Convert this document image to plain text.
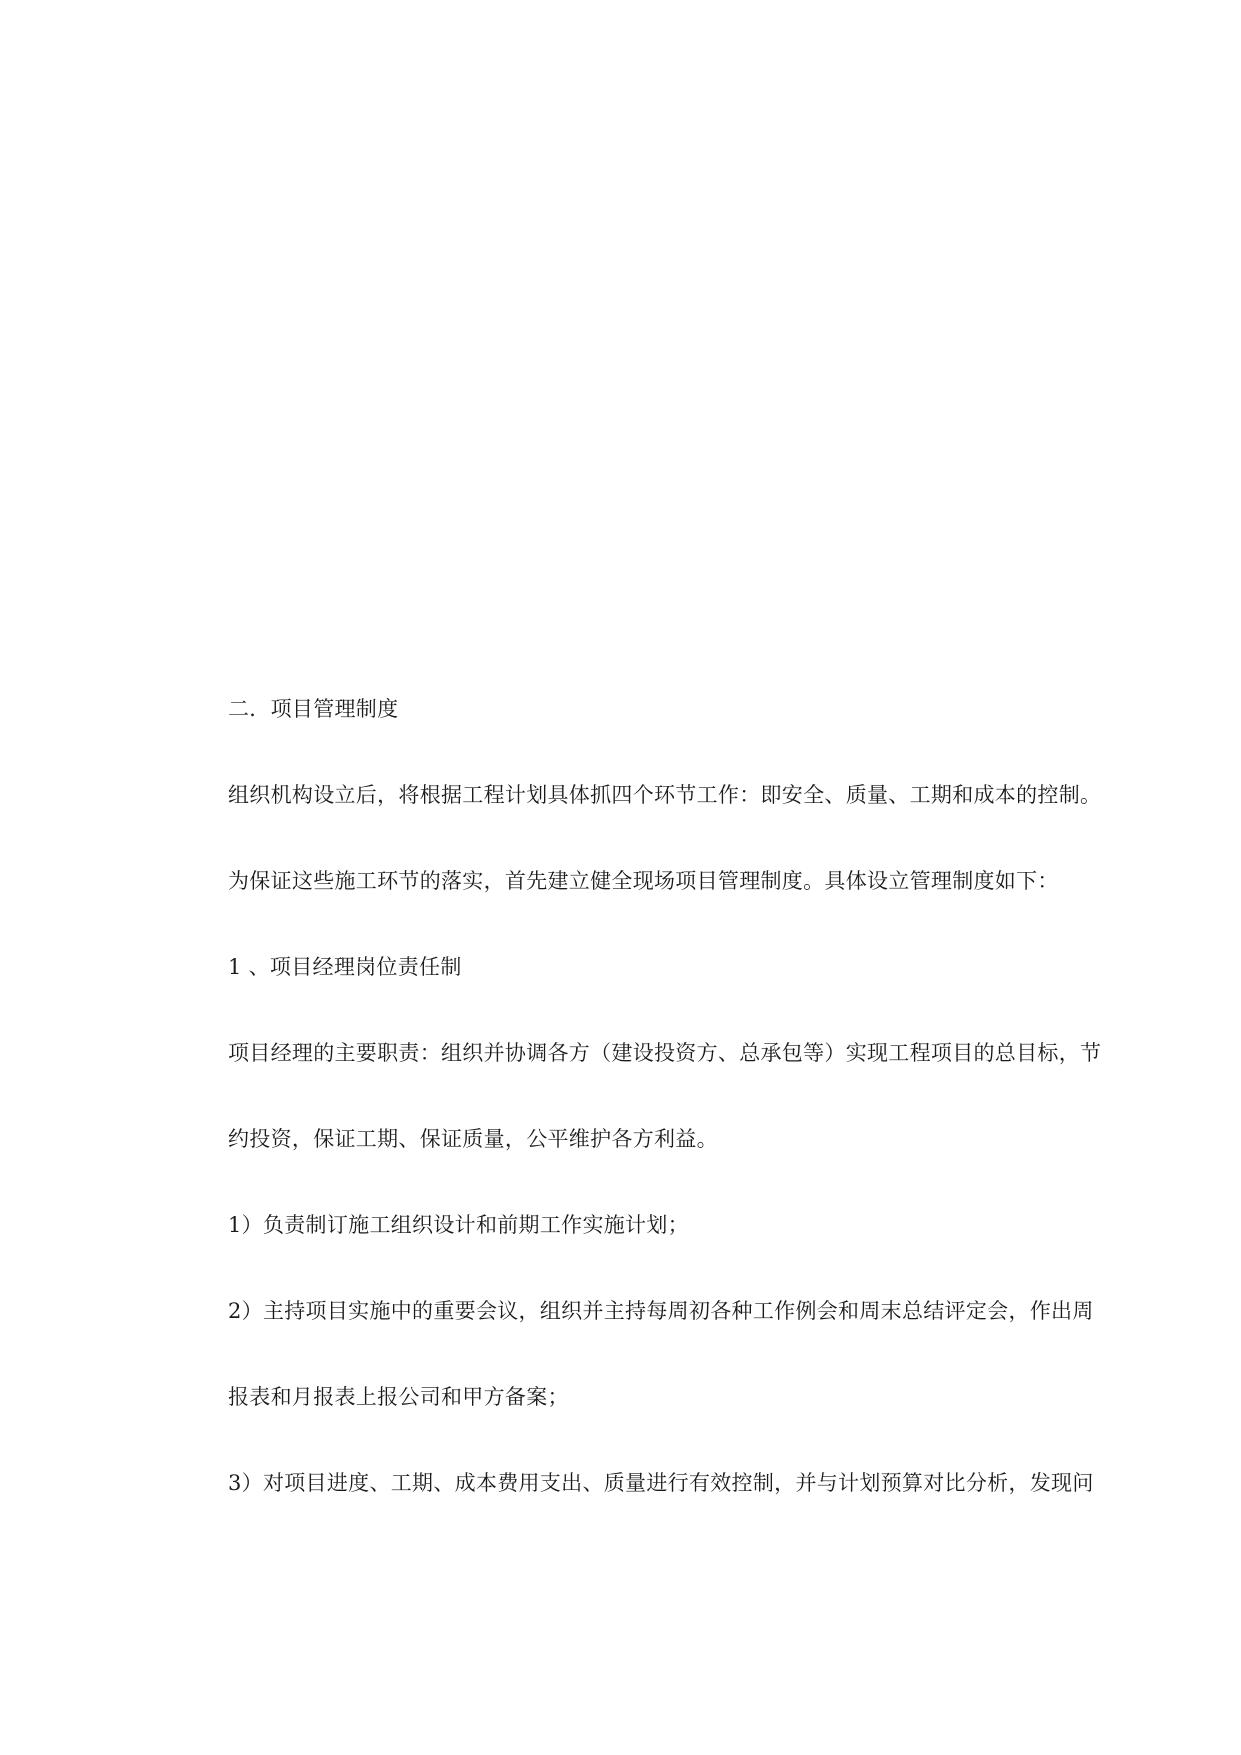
二．项目管理制度
组织机构设立后，将根据工程计划具体抓四个环节工作：即安全、质量、工期和成本的控制。
为保证这些施工环节的落实，首先建立健全现场项目管理制度。具体设立管理制度如下：
1 、项目经理岗位责任制
项目经理的主要职责：组织并协调各方（建设投资方、总承包等）实现工程项目的总目标，节
约投资，保证工期、保证质量，公平维护各方利益。
1）负责制订施工组织设计和前期工作实施计划；
2）主持项目实施中的重要会议，组织并主持每周初各种工作例会和周末总结评定会，作出周
报表和月报表上报公司和甲方备案；
3）对项目进度、工期、成本费用支出、质量进行有效控制，并与计划预算对比分析，发现问
